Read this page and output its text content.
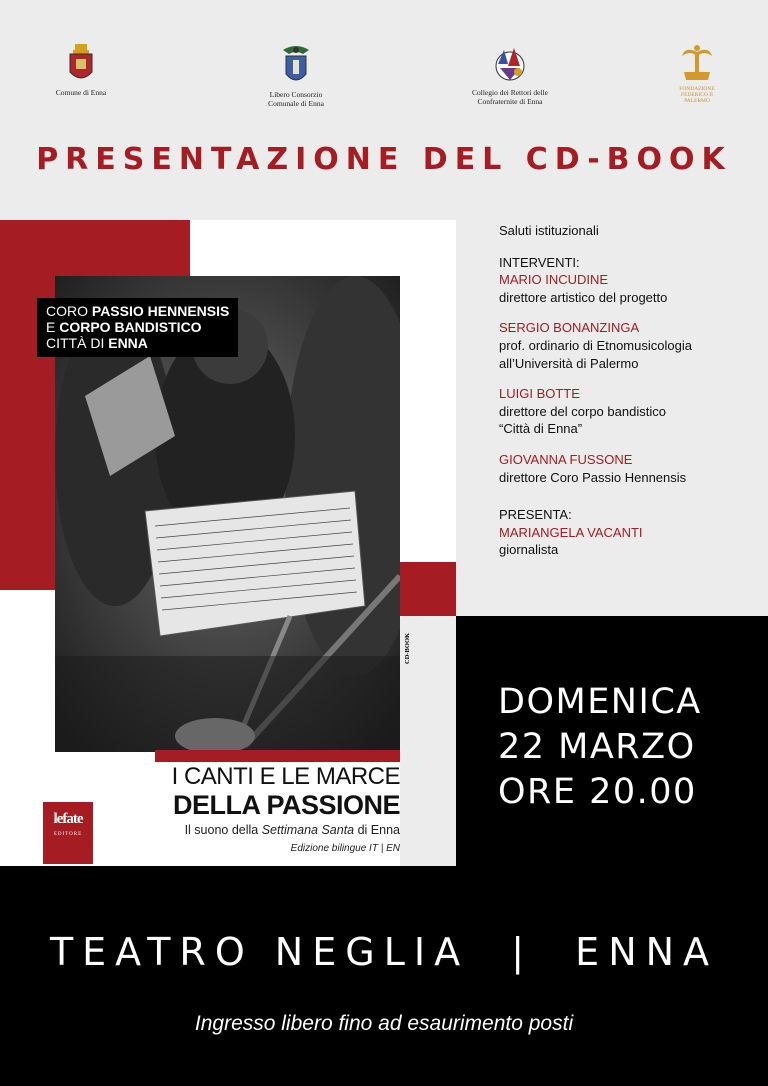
Comune di Enna	Libero Consorzio
Comunale di Enna
Collegio dei Rettori delle
Confraternite di Enna
FONDAZIONE
FEDERICO II
PALERMO
PRESENTAZIONE DEL CD-BOOK
CORO PASSIO HENNENSIS
E CORPO BANDISTICO
CITTÀ DI ENNA
CD-BOOK
I CANTI E LE MARCE
DELLA PASSIONE
Il suono della Settimana Santa di Enna
Edizione bilingue IT | EN
lefate
EDITORE
Saluti istituzionali
INTERVENTI:
MARIO INCUDINE
direttore artistico del progetto
SERGIO BONANZINGA
prof. ordinario di Etnomusicologia
all’Università di Palermo
LUIGI BOTTE
direttore del corpo bandistico
“Città di Enna”
GIOVANNA FUSSONE
direttore Coro Passio Hennensis
PRESENTA:
MARIANGELA VACANTI
giornalista
DOMENICA
22 MARZO
ORE 20.00
TEATRO NEGLIA  |  ENNA
Ingresso libero fino ad esaurimento posti
